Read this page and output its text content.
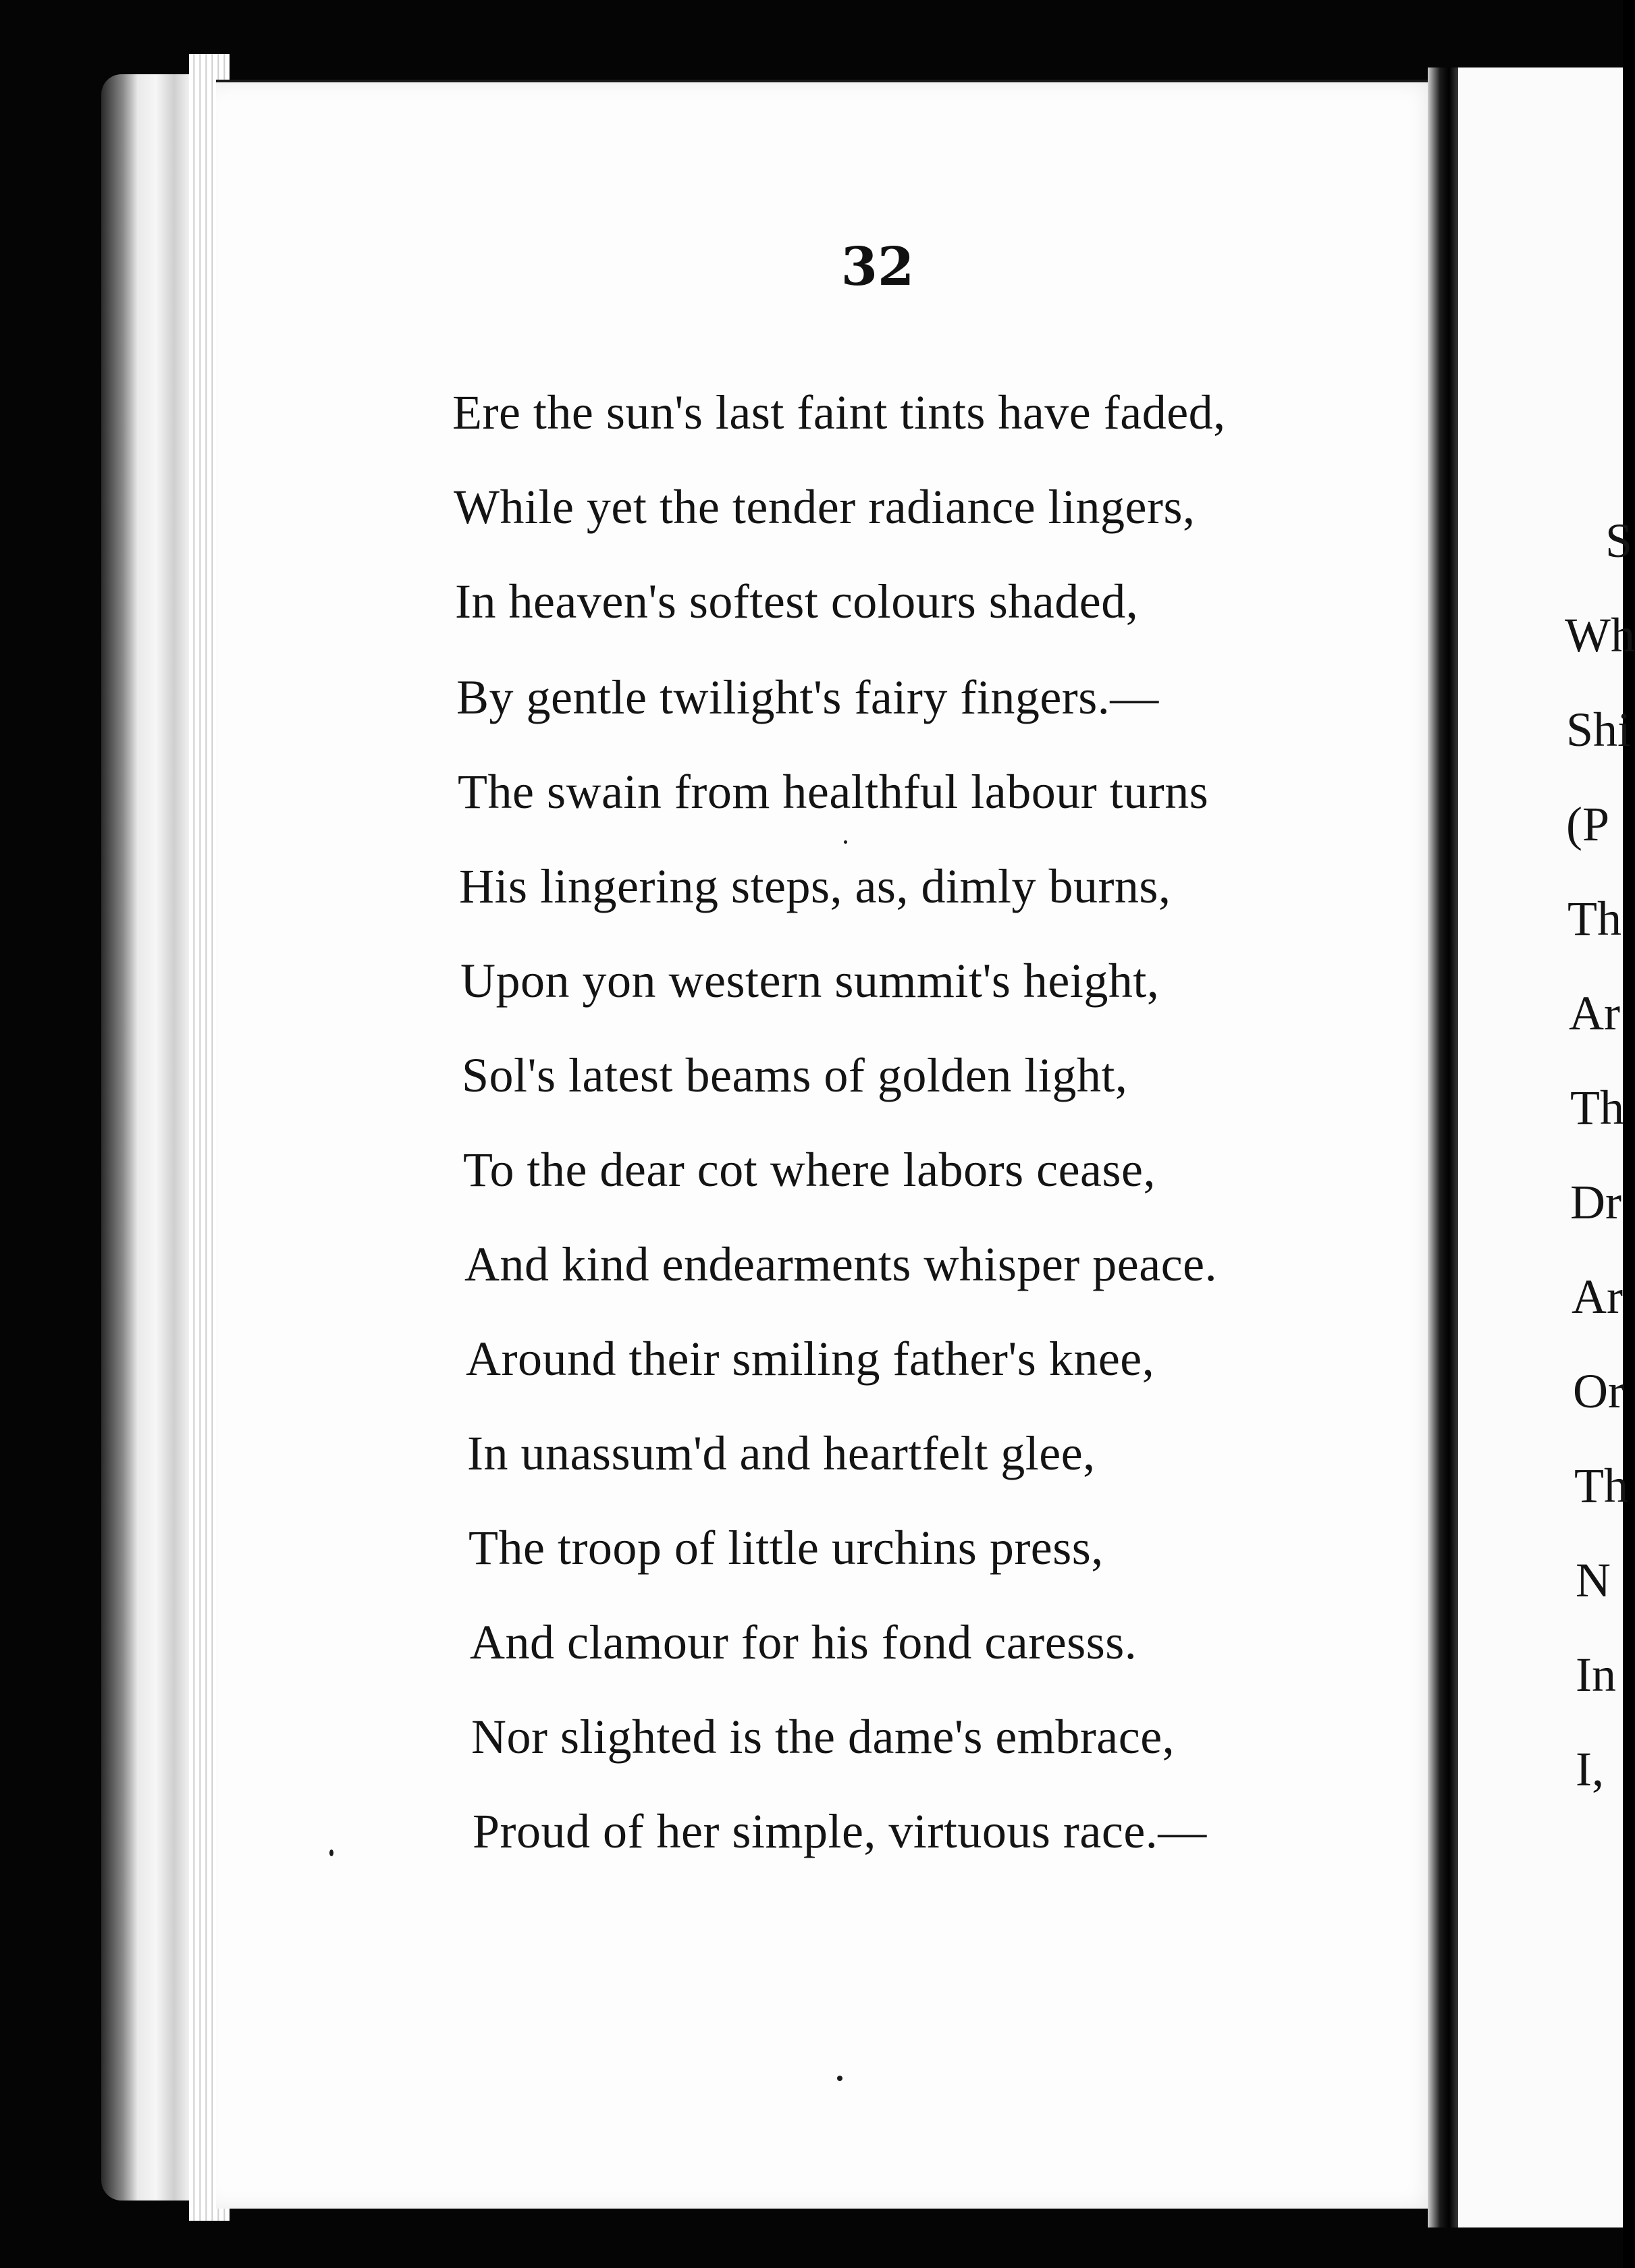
32
Ere the sun's last faint tints have faded,
While yet the tender radiance lingers,
In heaven's softest colours shaded,
By gentle twilight's fairy fingers.—
The swain from healthful labour turns
His lingering steps, as, dimly burns,
Upon yon western summit's height,
Sol's latest beams of golden light,
To the dear cot where labors cease,
And kind endearments whisper peace.
Around their smiling father's knee,
In unassum'd and heartfelt glee,
The troop of little urchins press,
And clamour for his fond caresss.
Nor slighted is the dame's embrace,
Proud of her simple, virtuous race.—
S
Wh
Shi
(P
Th
Ar
Th
Dr
Ar
Or
Th
N
In
I,
